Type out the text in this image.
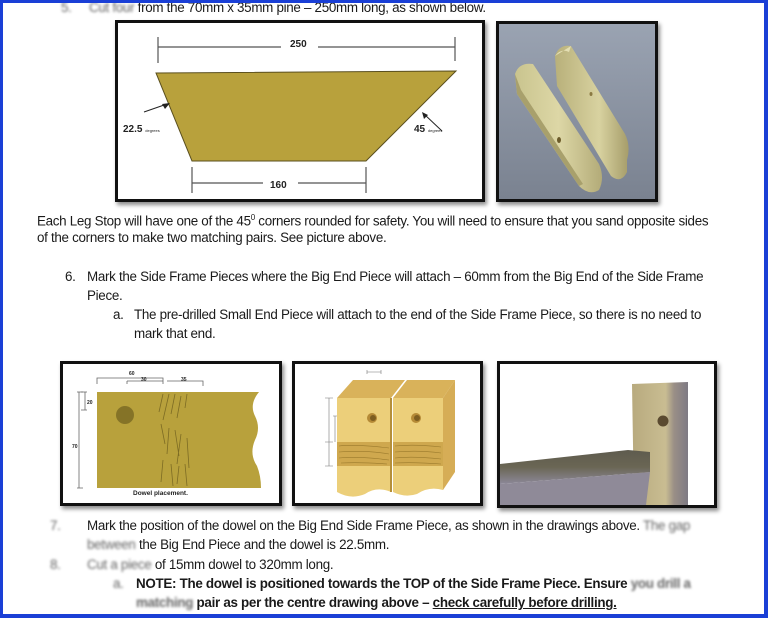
5. Cut four from the 70mm x 35mm pine – 250mm long, as shown below.
250
160
22.5 degrees	45 degrees
Each Leg Stop will have one of the $45^0$ corners rounded for safety. You will need to ensure that you sand opposite sides
of the corners to make two matching pairs. See picture above.
6. Mark the Side Frame Pieces where the Big End Piece will attach – 60mm from the Big End of the Side Frame
Piece.
a. The pre-drilled Small End Piece will attach to the end of the Side Frame Piece, so there is no need to
mark that end.
60
30	35
20
70
Dowel placement.
7. Mark the position of the dowel on the Big End Side Frame Piece, as shown in the drawings above. The gap
between the Big End Piece and the dowel is 22.5mm.
8. Cut a piece of 15mm dowel to 320mm long.
a. NOTE: The dowel is positioned towards the TOP of the Side Frame Piece. Ensure you drill a
matching pair as per the centre drawing above – check carefully before drilling.
